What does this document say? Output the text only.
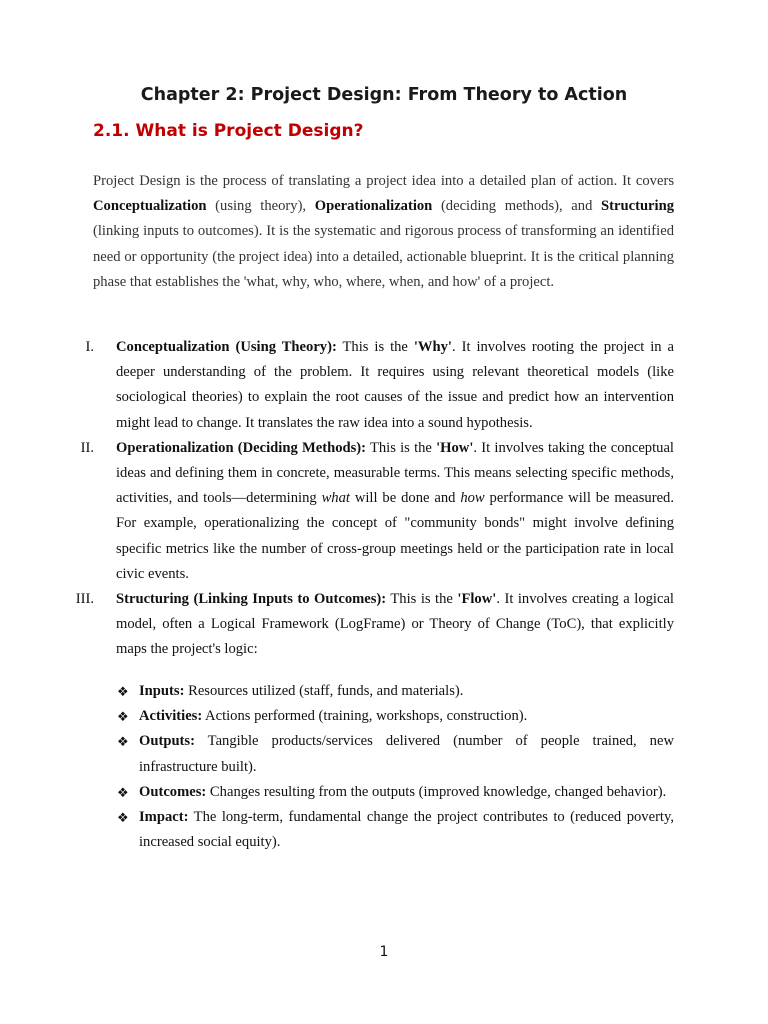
Chapter 2: Project Design: From Theory to Action
2.1. What is Project Design?

Project Design is the process of translating a project idea into a detailed plan of action. It covers Conceptualization (using theory), Operationalization (deciding methods), and Structuring (linking inputs to outcomes). It is the systematic and rigorous process of transforming an identified need or opportunity (the project idea) into a detailed, actionable blueprint. It is the critical planning phase that establishes the 'what, why, who, where, when, and how' of a project.

I. Conceptualization (Using Theory): This is the 'Why'. It involves rooting the project in a deeper understanding of the problem. It requires using relevant theoretical models (like sociological theories) to explain the root causes of the issue and predict how an intervention might lead to change. It translates the raw idea into a sound hypothesis.
II. Operationalization (Deciding Methods): This is the 'How'. It involves taking the conceptual ideas and defining them in concrete, measurable terms. This means selecting specific methods, activities, and tools—determining what will be done and how performance will be measured. For example, operationalizing the concept of "community bonds" might involve defining specific metrics like the number of cross-group meetings held or the participation rate in local civic events.
III. Structuring (Linking Inputs to Outcomes): This is the 'Flow'. It involves creating a logical model, often a Logical Framework (LogFrame) or Theory of Change (ToC), that explicitly maps the project's logic:
❖ Inputs: Resources utilized (staff, funds, and materials).
❖ Activities: Actions performed (training, workshops, construction).
❖ Outputs: Tangible products/services delivered (number of people trained, new infrastructure built).
❖ Outcomes: Changes resulting from the outputs (improved knowledge, changed behavior).
❖ Impact: The long-term, fundamental change the project contributes to (reduced poverty, increased social equity).
1
